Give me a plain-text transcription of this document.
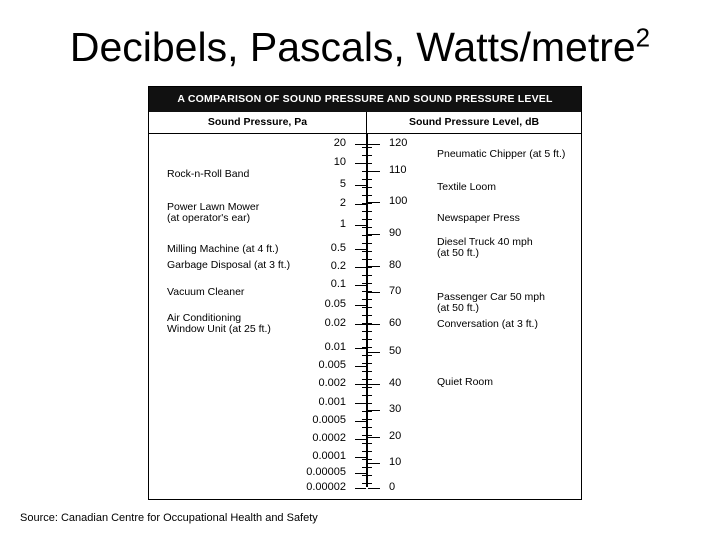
Decibels, Pascals, Watts/metre$^2$
A COMPARISON OF SOUND PRESSURE AND SOUND PRESSURE LEVEL
Sound Pressure, Pa	Sound Pressure Level, dB
20
10
5
2
1
0.5
0.2
0.1
0.05
0.02
0.01
0.005
0.002
0.001
0.0005
0.0002
0.0001
0.00005
0.00002
120
110
100
90
80
70
60
50
40
30
20
10
0
Rock-n-Roll Band
Power Lawn Mower
(at operator's ear)
Milling Machine (at 4 ft.)
Garbage Disposal (at 3 ft.)
Vacuum Cleaner
Air Conditioning
Window Unit (at 25 ft.)
Pneumatic Chipper (at 5 ft.)
Textile Loom
Newspaper Press
Diesel Truck 40 mph
(at 50 ft.)
Passenger Car 50 mph
(at 50 ft.)
Conversation (at 3 ft.)
Quiet Room
Source: Canadian Centre for Occupational Health and Safety
